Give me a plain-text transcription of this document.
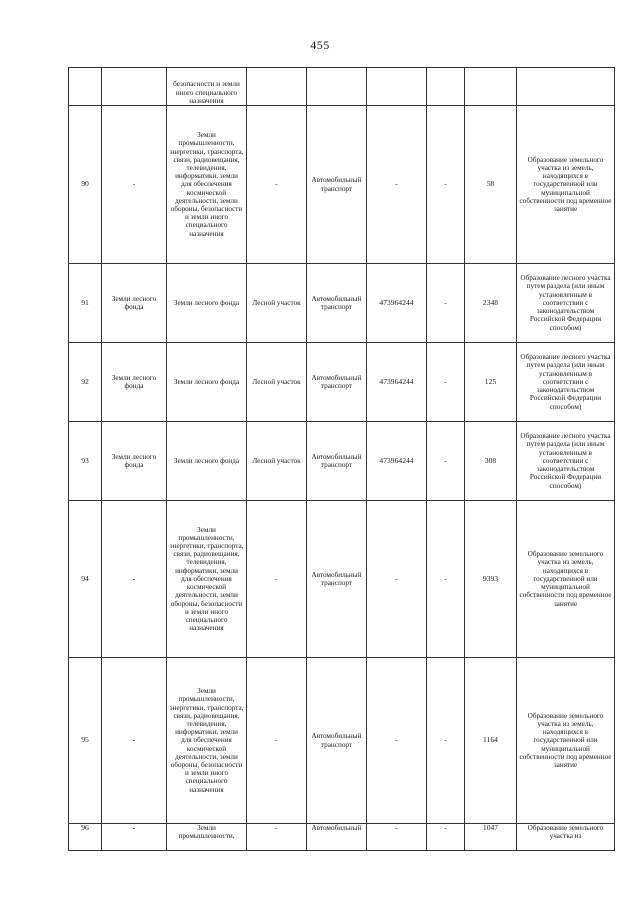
455
		безопасности и земли иного специального назначения						
90	-	Земли промышленности, энергетики, транспорта, связи, радиовещания, телевидения, информатики, земли для обеспечения космической деятельности, земли обороны, безопасности и земли иного специального назначения	-	Автомобильный транспорт	-	-	58	Образование земельного участка из земель, находящихся в государственной или муниципальной собственности под временное занятие
91	Земли лесного фонда	Земли лесного фонда	Лесной участок	Автомобильный транспорт	473964244	-	2348	Образование лесного участка путем раздела (или иным установленным в соответствии с законодательством Российской Федерации способом)
92	Земли лесного фонда	Земли лесного фонда	Лесной участок	Автомобильный транспорт	473964244	-	125	Образование лесного участка путем раздела (или иным установленным в соответствии с законодательством Российской Федерации способом)
93	Земли лесного фонда	Земли лесного фонда	Лесной участок	Автомобильный транспорт	473964244	-	308	Образование лесного участка путем раздела (или иным установленным в соответствии с законодательством Российской Федерации способом)
94	-	Земли промышленности, энергетики, транспорта, связи, радиовещания, телевидения, информатики, земли для обеспечения космической деятельности, земли обороны, безопасности и земли иного специального назначения	-	Автомобильный транспорт	-	-	9393	Образование земельного участка из земель, находящихся в государственной или муниципальной собственности под временное занятие
95	-	Земли промышленности, энергетики, транспорта, связи, радиовещания, телевидения, информатики, земли для обеспечения космической деятельности, земли обороны, безопасности и земли иного специального назначения	-	Автомобильный транспорт	-	-	1164	Образование земельного участка из земель, находящихся в государственной или муниципальной собственности под временное занятие
96	-	Земли промышленности,	-	Автомобильный	-	-	1047	Образование земельного участка из
